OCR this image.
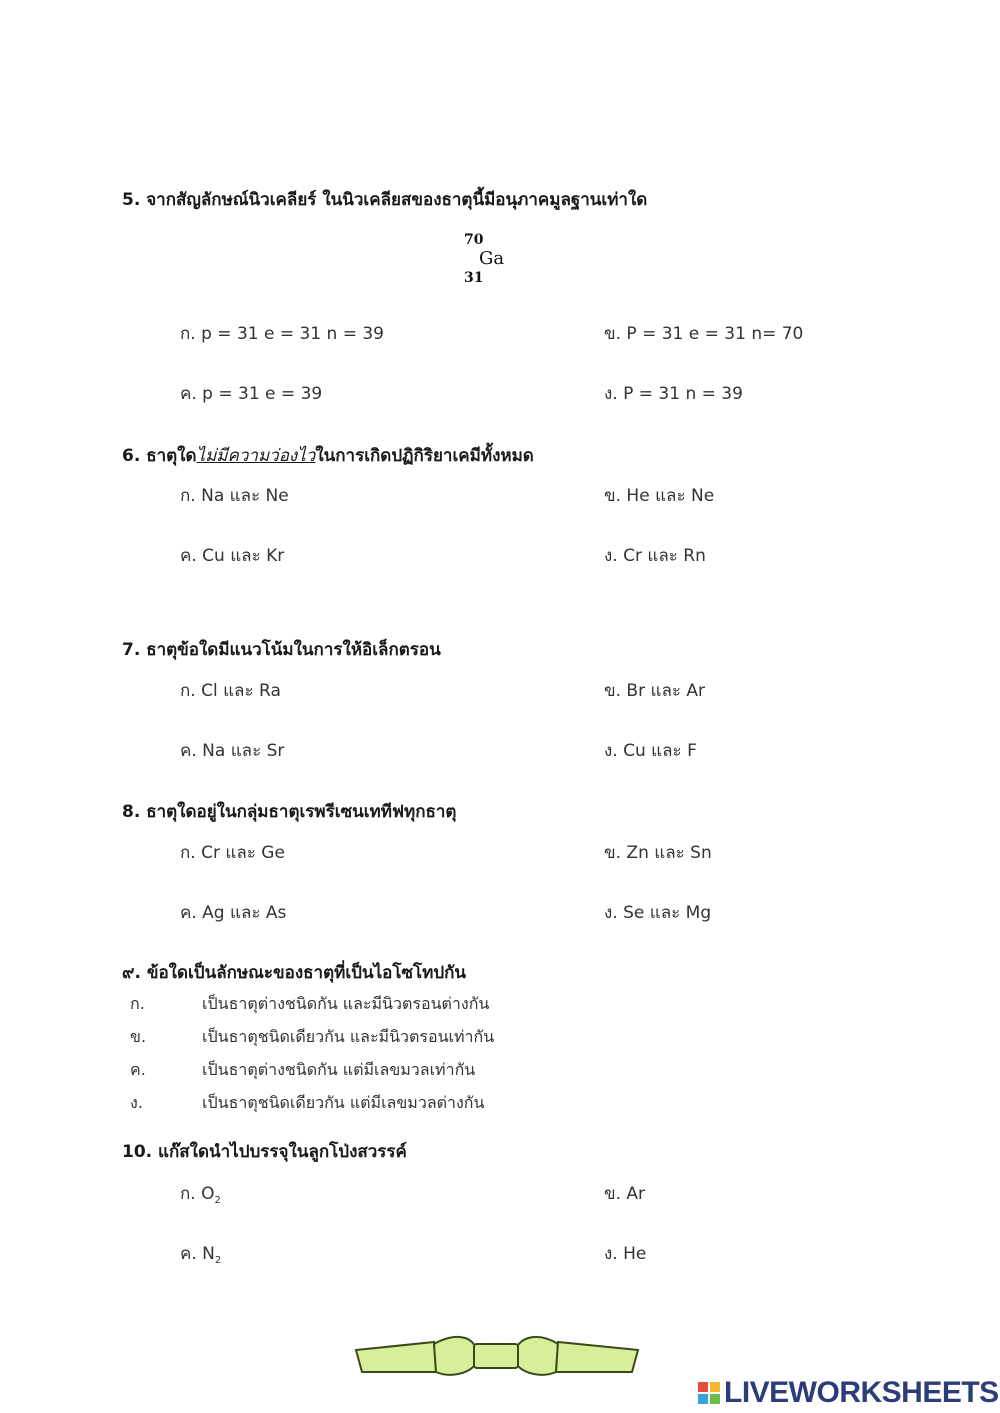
5. จากสัญลักษณ์นิวเคลียร์ ในนิวเคลียสของธาตุนี้มีอนุภาคมูลฐานเท่าใด
70
Ga
31
ก. p = 31 e = 31 n = 39	ข. P = 31 e = 31 n= 70
ค. p = 31 e = 39	ง. P = 31 n = 39
6. ธาตุใดไม่มีความว่องไวในการเกิดปฏิกิริยาเคมีทั้งหมด
ก. Na และ Ne	ข. He และ Ne
ค. Cu และ Kr	ง. Cr และ Rn
7. ธาตุข้อใดมีแนวโน้มในการให้อิเล็กตรอน
ก. Cl และ Ra	ข. Br และ Ar
ค. Na และ Sr	ง. Cu และ F
8. ธาตุใดอยู่ในกลุ่มธาตุเรพรีเซนเททีฟทุกธาตุ
ก. Cr และ Ge	ข. Zn และ Sn
ค. Ag และ As	ง. Se และ Mg
๙. ข้อใดเป็นลักษณะของธาตุที่เป็นไอโซโทปกัน
ก.	เป็นธาตุต่างชนิดกัน และมีนิวตรอนต่างกัน
ข.	เป็นธาตุชนิดเดียวกัน และมีนิวตรอนเท่ากัน
ค.	เป็นธาตุต่างชนิดกัน แต่มีเลขมวลเท่ากัน
ง.	เป็นธาตุชนิดเดียวกัน แต่มีเลขมวลต่างกัน
10. แก๊สใดนำไปบรรจุในลูกโป่งสวรรค์
ก. $O_2$	ข. Ar
ค. $N_2$	ง. He
LIVEWORKSHEETS
